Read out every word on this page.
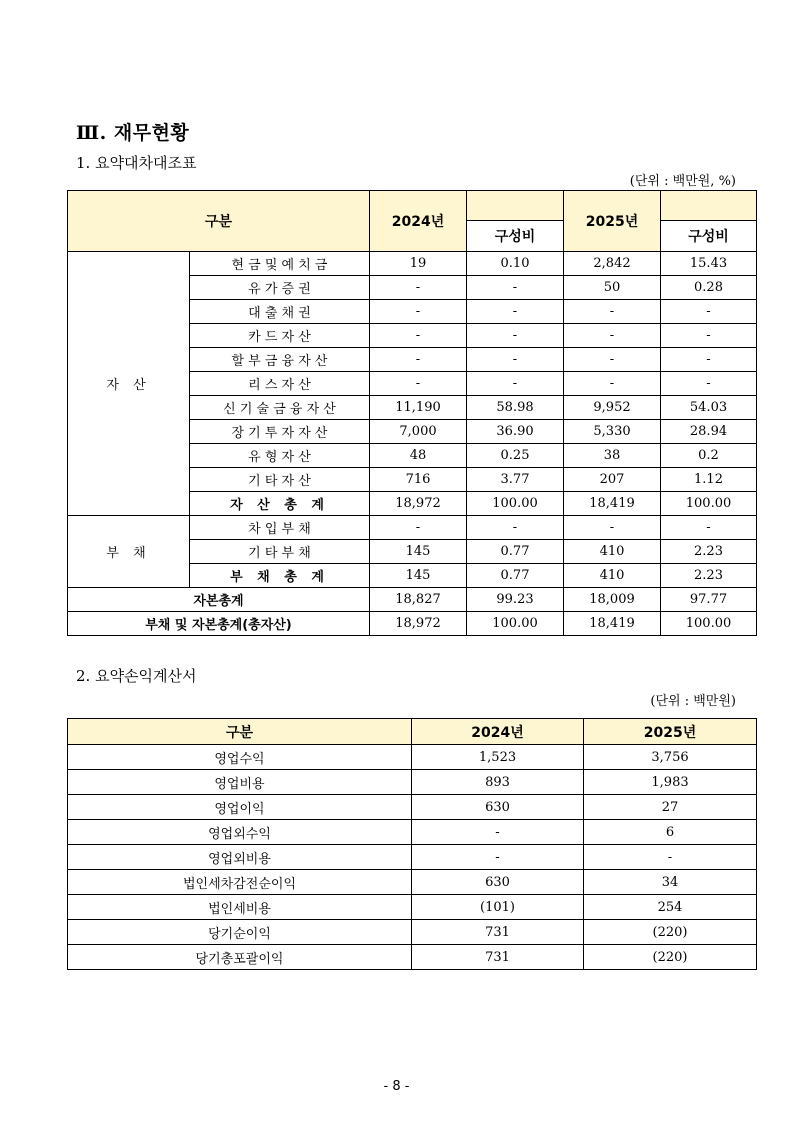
Ⅲ. 재무현황
1. 요약대차대조표
(단위 : 백만원, %)
구분		2024년		2025년	
			구성비		구성비
자 산	현 금 및 예 치 금	19	0.10	2,842	15.43
	유 가 증 권	-	-	50	0.28
	대 출 채 권	-	-	-	-
	카 드 자 산	-	-	-	-
	할 부 금 융 자 산	-	-	-	-
	리 스 자 산	-	-	-	-
	신 기 술 금 융 자 산	11,190	58.98	9,952	54.03
	장 기 투 자 자 산	7,000	36.90	5,330	28.94
	유 형 자 산	48	0.25	38	0.2
	기 타 자 산	716	3.77	207	1.12
	자 산 총 계	18,972	100.00	18,419	100.00
부 채	차 입 부 채	-	-	-	-
	기 타 부 채	145	0.77	410	2.23
	부 채 총 계	145	0.77	410	2.23
자본총계		18,827	99.23	18,009	97.77
부채 및 자본총계(총자산)		18,972	100.00	18,419	100.00
2. 요약손익계산서
(단위 : 백만원)
구분	2024년	2025년
영업수익	1,523	3,756
영업비용	893	1,983
영업이익	630	27
영업외수익	-	6
영업외비용	-	-
법인세차감전순이익	630	34
법인세비용	(101)	254
당기순이익	731	(220)
당기총포괄이익	731	(220)
- 8 -
